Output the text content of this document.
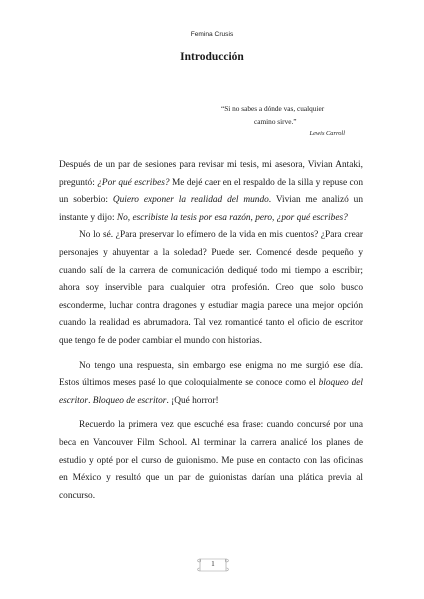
Femina Crusis
Introducción
“Si no sabes a dónde vas, cualquier
camino sirve.”
Lewis Carroll

Después de un par de sesiones para revisar mi tesis, mi asesora, Vivian Antaki, preguntó: ¿Por qué escribes? Me dejé caer en el respaldo de la silla y repuse con un soberbio: Quiero exponer la realidad del mundo. Vivian me analizó un instante y dijo: No, escribiste la tesis por esa razón, pero, ¿por qué escribes?

No lo sé. ¿Para preservar lo efímero de la vida en mis cuentos? ¿Para crear personajes y ahuyentar a la soledad? Puede ser. Comencé desde pequeño y cuando salí de la carrera de comunicación dediqué todo mi tiempo a escribir; ahora soy inservible para cualquier otra profesión. Creo que solo busco esconderme, luchar contra dragones y estudiar magia parece una mejor opción cuando la realidad es abrumadora. Tal vez romanticé tanto el oficio de escritor que tengo fe de poder cambiar el mundo con historias.

No tengo una respuesta, sin embargo ese enigma no me surgió ese día. Estos últimos meses pasé lo que coloquialmente se conoce como el bloqueo del escritor. Bloqueo de escritor. ¡Qué horror!

Recuerdo la primera vez que escuché esa frase: cuando concursé por una beca en Vancouver Film School. Al terminar la carrera analicé los planes de estudio y opté por el curso de guionismo. Me puse en contacto con las oficinas en México y resultó que un par de guionistas darían una plática previa al concurso.

1
